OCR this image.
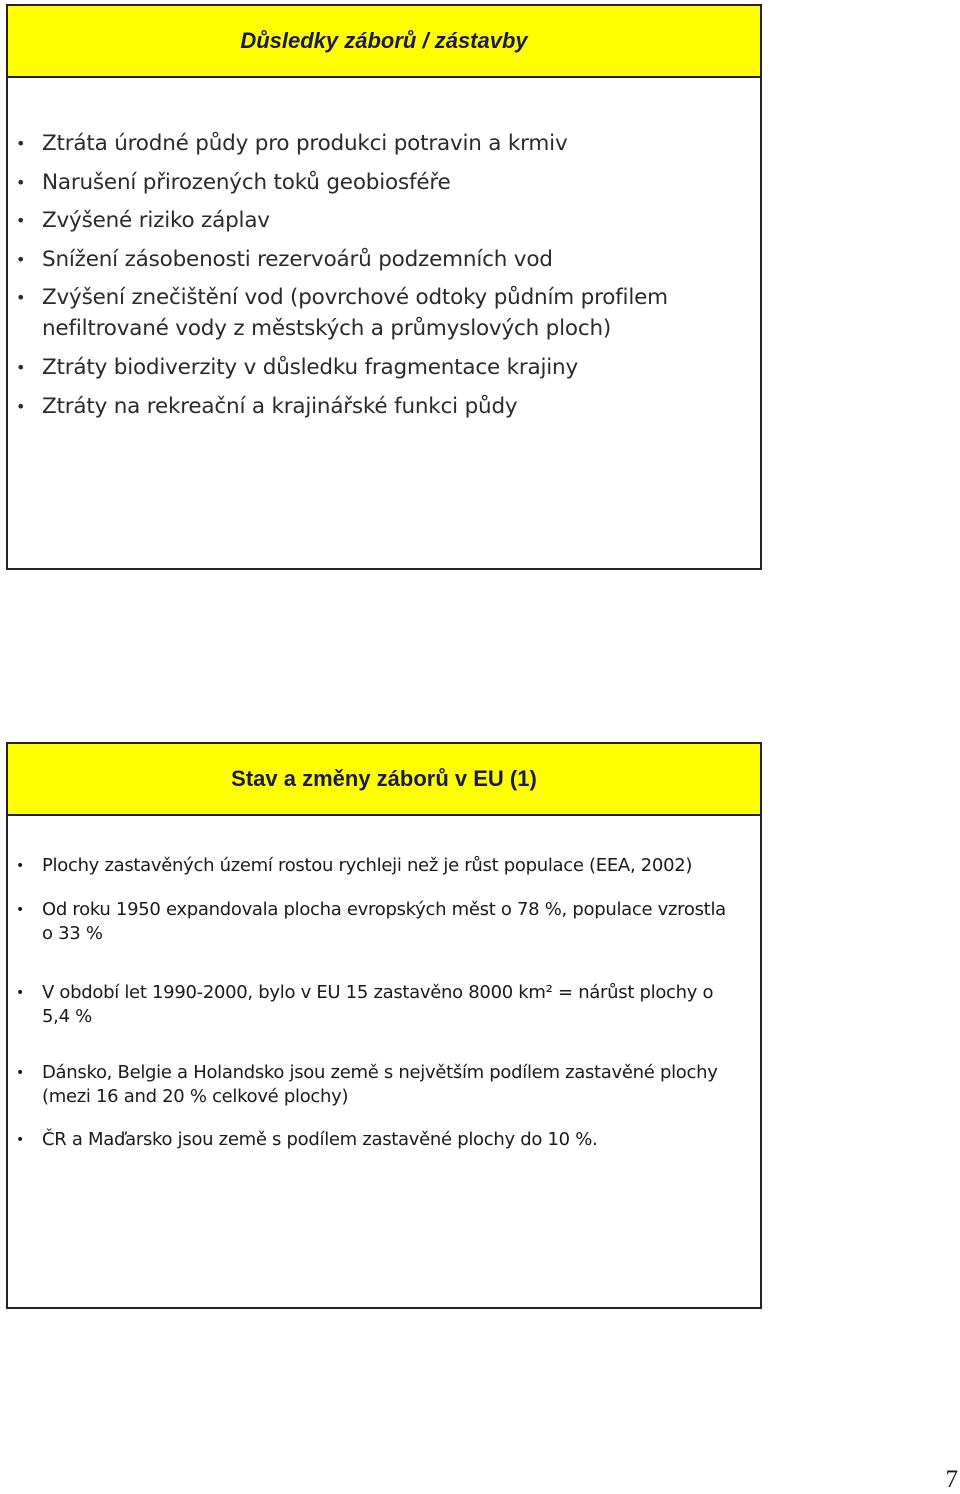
Důsledky záborů / zástavby
• Ztráta úrodné půdy pro produkci potravin a krmiv
• Narušení přirozených toků geobiosféře
• Zvýšené riziko záplav
• Snížení zásobenosti rezervoárů podzemních vod
• Zvýšení znečištění vod (povrchové odtoky půdním profilem nefiltrované vody z městských a průmyslových ploch)
• Ztráty biodiverzity v důsledku fragmentace krajiny
• Ztráty na rekreační a krajinářské funkci půdy
Stav a změny záborů v EU (1)
• Plochy zastavěných území rostou rychleji než je růst populace (EEA, 2002)
• Od roku 1950 expandovala plocha evropských měst o 78 %, populace vzrostla o 33 %
• V období let 1990-2000, bylo v EU 15 zastavěno 8000 km² = nárůst plochy o 5,4 %
• Dánsko, Belgie a Holandsko jsou země s největším podílem zastavěné plochy (mezi 16 and 20 % celkové plochy)
• ČR a Maďarsko jsou země s podílem zastavěné plochy do 10 %.
7
